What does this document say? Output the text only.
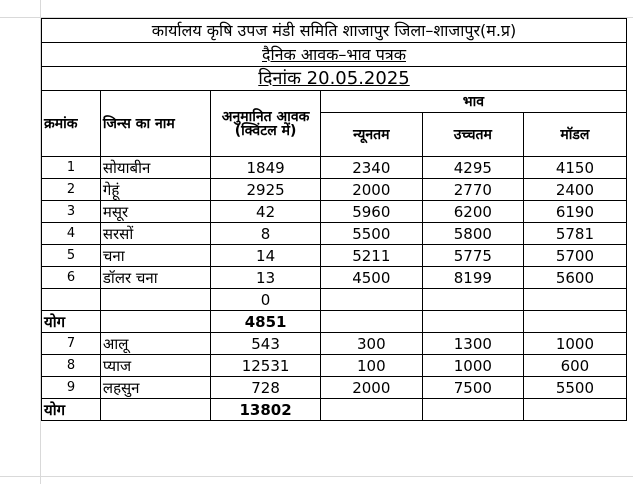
कार्यालय कृषि उपज मंडी समिति शाजापुर जिला–शाजापुर(म.प्र)					
दैनिक आवक–भाव पत्रक					
दिनांक 20.05.2025					
क्रमांक	जिन्स का नाम	अनुमानित आवक (क्विंटल में)	भाव		
			न्यूनतम	उच्चतम	मॉडल
1	सोयाबीन	1849	2340	4295	4150
2	गेहूं	2925	2000	2770	2400
3	मसूर	42	5960	6200	6190
4	सरसों	8	5500	5800	5781
5	चना	14	5211	5775	5700
6	डॉलर चना	13	4500	8199	5600
		0			
योग		4851			
7	आलू	543	300	1300	1000
8	प्याज	12531	100	1000	600
9	लहसुन	728	2000	7500	5500
योग		13802			
